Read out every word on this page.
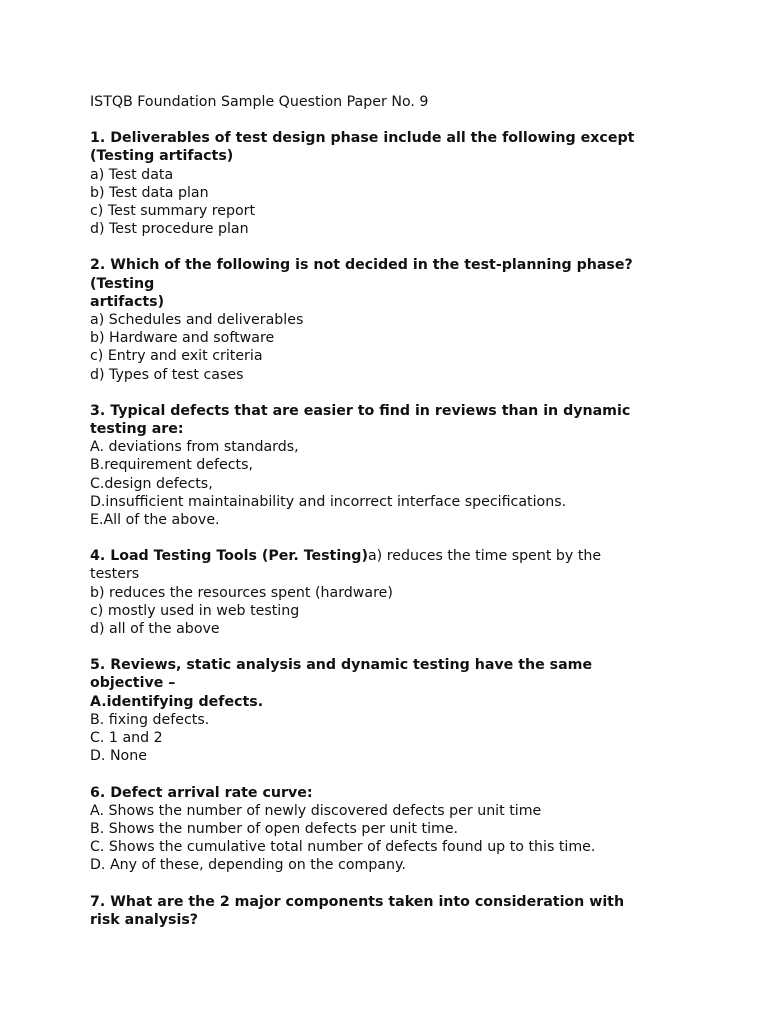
ISTQB Foundation Sample Question Paper No. 9
1. Deliverables of test design phase include all the following except
(Testing artifacts)
a) Test data
b) Test data plan
c) Test summary report
d) Test procedure plan
2. Which of the following is not decided in the test-planning phase?
(Testing
artifacts)
a) Schedules and deliverables
b) Hardware and software
c) Entry and exit criteria
d) Types of test cases
3. Typical defects that are easier to find in reviews than in dynamic
testing are:
A. deviations from standards,
B.requirement defects,
C.design defects,
D.insufficient maintainability and incorrect interface specifications.
E.All of the above.
4. Load Testing Tools (Per. Testing)a) reduces the time spent by the
testers
b) reduces the resources spent (hardware)
c) mostly used in web testing
d) all of the above
5. Reviews, static analysis and dynamic testing have the same
objective –
A.identifying defects.
B. fixing defects.
C. 1 and 2
D. None
6. Defect arrival rate curve:
A. Shows the number of newly discovered defects per unit time
B. Shows the number of open defects per unit time.
C. Shows the cumulative total number of defects found up to this time.
D. Any of these, depending on the company.
7. What are the 2 major components taken into consideration with
risk analysis?
